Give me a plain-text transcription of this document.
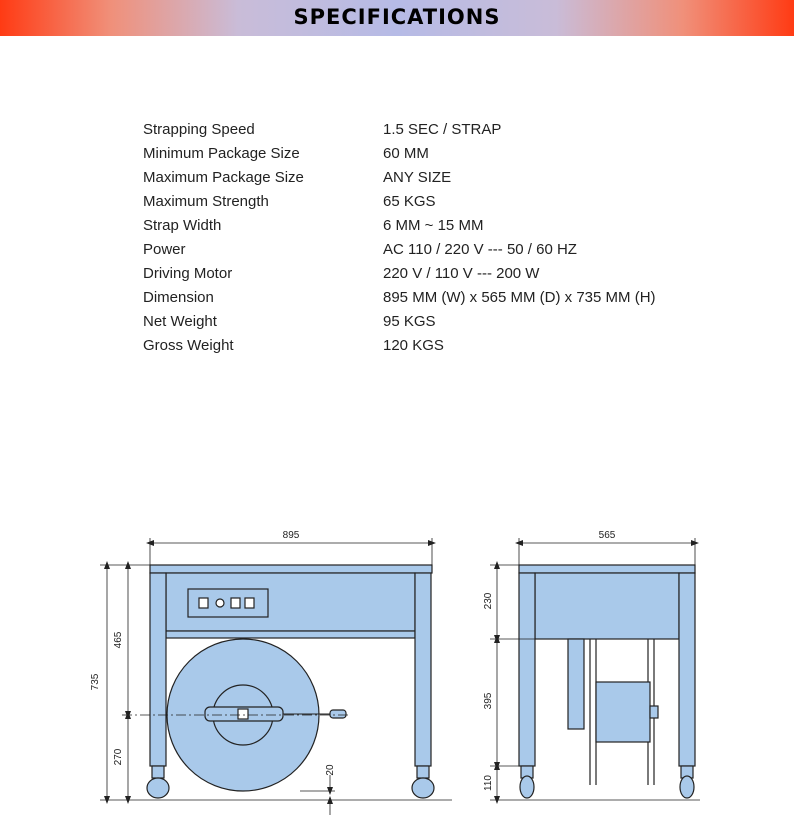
SPECIFICATIONS
Strapping Speed	1.5 SEC / STRAP
Minimum Package Size	60 MM
Maximum Package Size	ANY SIZE
Maximum Strength	65 KGS
Strap Width	6 MM ~ 15 MM
Power	AC 110 / 220 V --- 50 / 60 HZ
Driving Motor	220 V / 110 V --- 200 W
Dimension	895 MM (W) x 565 MM (D) x 735 MM (H)
Net Weight	95 KGS
Gross Weight	120 KGS
895
735
465
270
20
565
230
395
110
